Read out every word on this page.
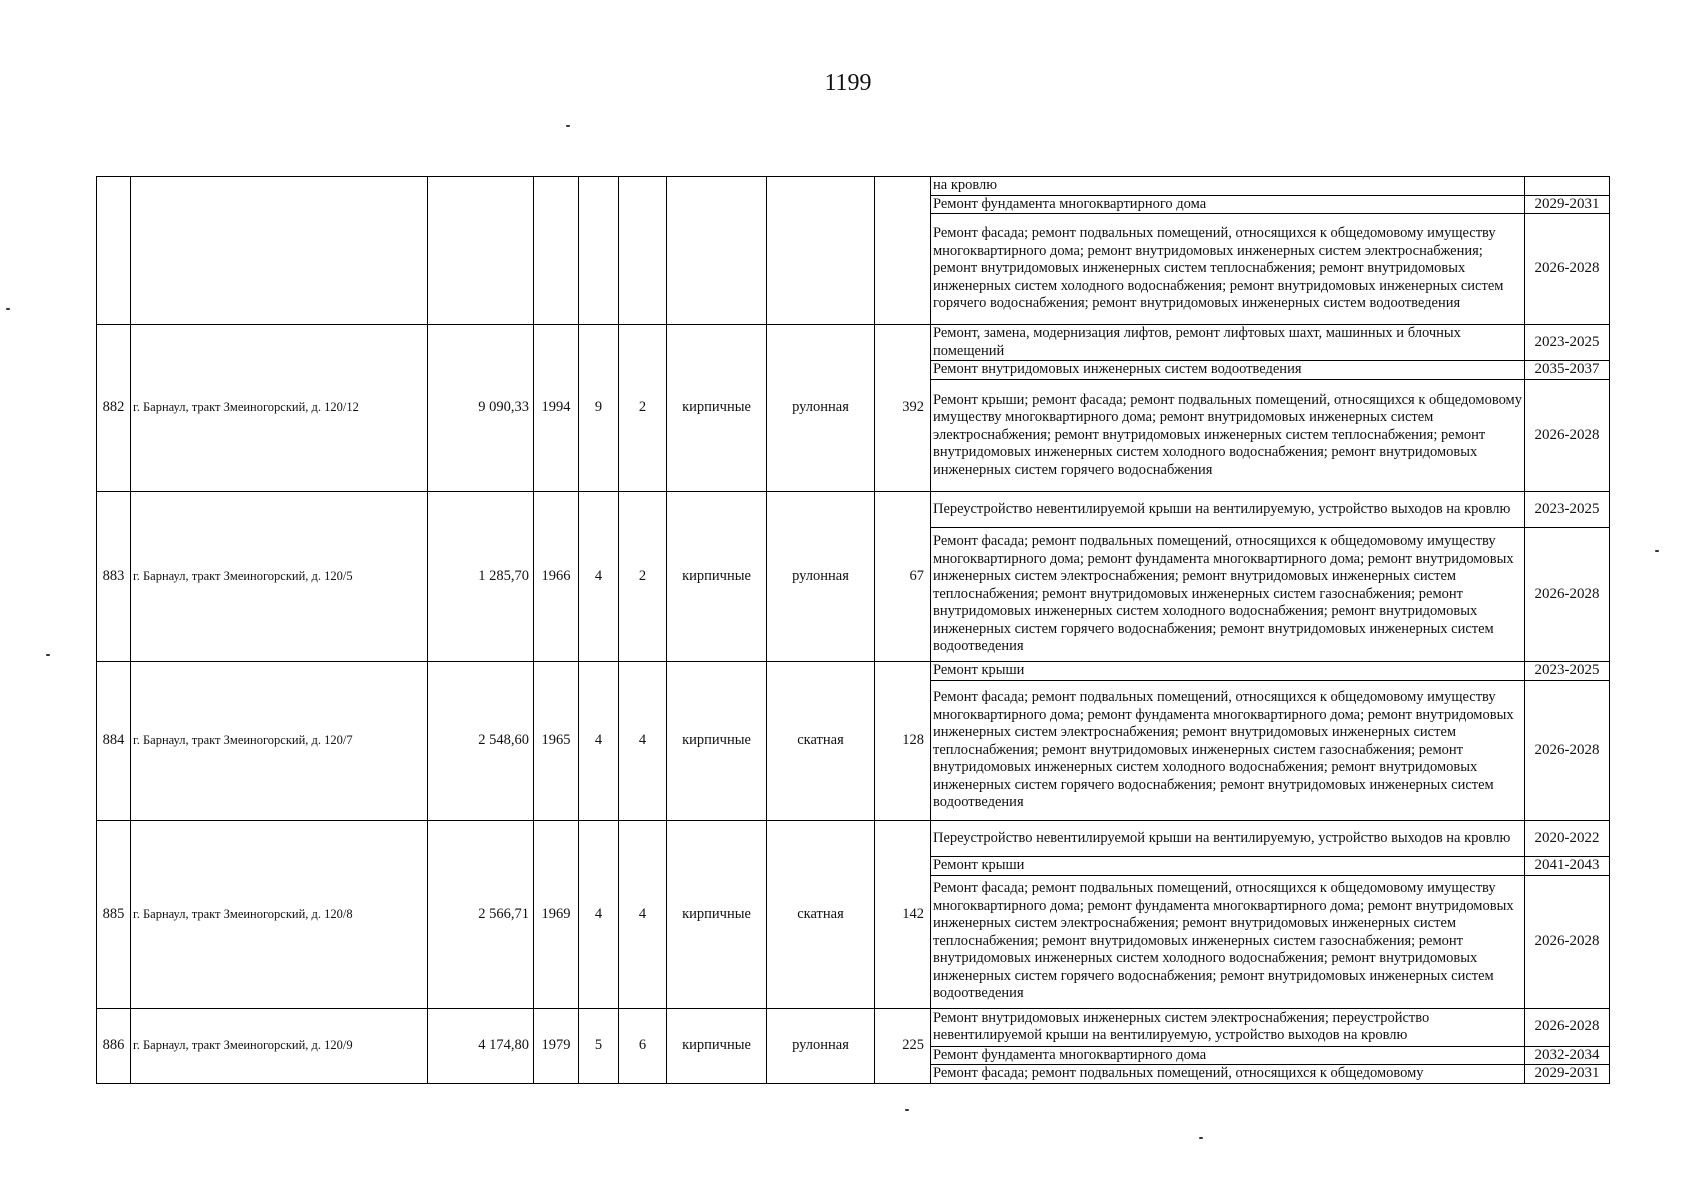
1199
									на кровлю	
									Ремонт фундамента многоквартирного дома	2029-2031
									Ремонт фасада; ремонт подвальных помещений, относящихся к общедомовому имуществу многоквартирного дома; ремонт внутридомовых инженерных систем электроснабжения; ремонт внутридомовых инженерных систем теплоснабжения; ремонт внутридомовых инженерных систем холодного водоснабжения; ремонт внутридомовых инженерных систем горячего водоснабжения; ремонт внутридомовых инженерных систем водоотведения	2026-2028
882	г. Барнаул, тракт Змеиногорский, д. 120/12	9 090,33	1994	9	2	кирпичные	рулонная	392	Ремонт, замена, модернизация лифтов, ремонт лифтовых шахт, машинных и блочных помещений	2023-2025
									Ремонт внутридомовых инженерных систем водоотведения	2035-2037
									Ремонт крыши; ремонт фасада; ремонт подвальных помещений, относящихся к общедомовому имуществу многоквартирного дома; ремонт внутридомовых инженерных систем электроснабжения; ремонт внутридомовых инженерных систем теплоснабжения; ремонт внутридомовых инженерных систем холодного водоснабжения; ремонт внутридомовых инженерных систем горячего водоснабжения	2026-2028
883	г. Барнаул, тракт Змеиногорский, д. 120/5	1 285,70	1966	4	2	кирпичные	рулонная	67	Переустройство невентилируемой крыши на вентилируемую, устройство выходов на кровлю	2023-2025
									Ремонт фасада; ремонт подвальных помещений, относящихся к общедомовому имуществу многоквартирного дома; ремонт фундамента многоквартирного дома; ремонт внутридомовых инженерных систем электроснабжения; ремонт внутридомовых инженерных систем теплоснабжения; ремонт внутридомовых инженерных систем газоснабжения; ремонт внутридомовых инженерных систем холодного водоснабжения; ремонт внутридомовых инженерных систем горячего водоснабжения; ремонт внутридомовых инженерных систем водоотведения	2026-2028
884	г. Барнаул, тракт Змеиногорский, д. 120/7	2 548,60	1965	4	4	кирпичные	скатная	128	Ремонт крыши	2023-2025
									Ремонт фасада; ремонт подвальных помещений, относящихся к общедомовому имуществу многоквартирного дома; ремонт фундамента многоквартирного дома; ремонт внутридомовых инженерных систем электроснабжения; ремонт внутридомовых инженерных систем теплоснабжения; ремонт внутридомовых инженерных систем газоснабжения; ремонт внутридомовых инженерных систем холодного водоснабжения; ремонт внутридомовых инженерных систем горячего водоснабжения; ремонт внутридомовых инженерных систем водоотведения	2026-2028
885	г. Барнаул, тракт Змеиногорский, д. 120/8	2 566,71	1969	4	4	кирпичные	скатная	142	Переустройство невентилируемой крыши на вентилируемую, устройство выходов на кровлю	2020-2022
									Ремонт крыши	2041-2043
									Ремонт фасада; ремонт подвальных помещений, относящихся к общедомовому имуществу многоквартирного дома; ремонт фундамента многоквартирного дома; ремонт внутридомовых инженерных систем электроснабжения; ремонт внутридомовых инженерных систем теплоснабжения; ремонт внутридомовых инженерных систем газоснабжения; ремонт внутридомовых инженерных систем холодного водоснабжения; ремонт внутридомовых инженерных систем горячего водоснабжения; ремонт внутридомовых инженерных систем водоотведения	2026-2028
886	г. Барнаул, тракт Змеиногорский, д. 120/9	4 174,80	1979	5	6	кирпичные	рулонная	225	Ремонт внутридомовых инженерных систем электроснабжения; переустройство невентилируемой крыши на вентилируемую, устройство выходов на кровлю	2026-2028
									Ремонт фундамента многоквартирного дома	2032-2034
									Ремонт фасада; ремонт подвальных помещений, относящихся к общедомовому	2029-2031
